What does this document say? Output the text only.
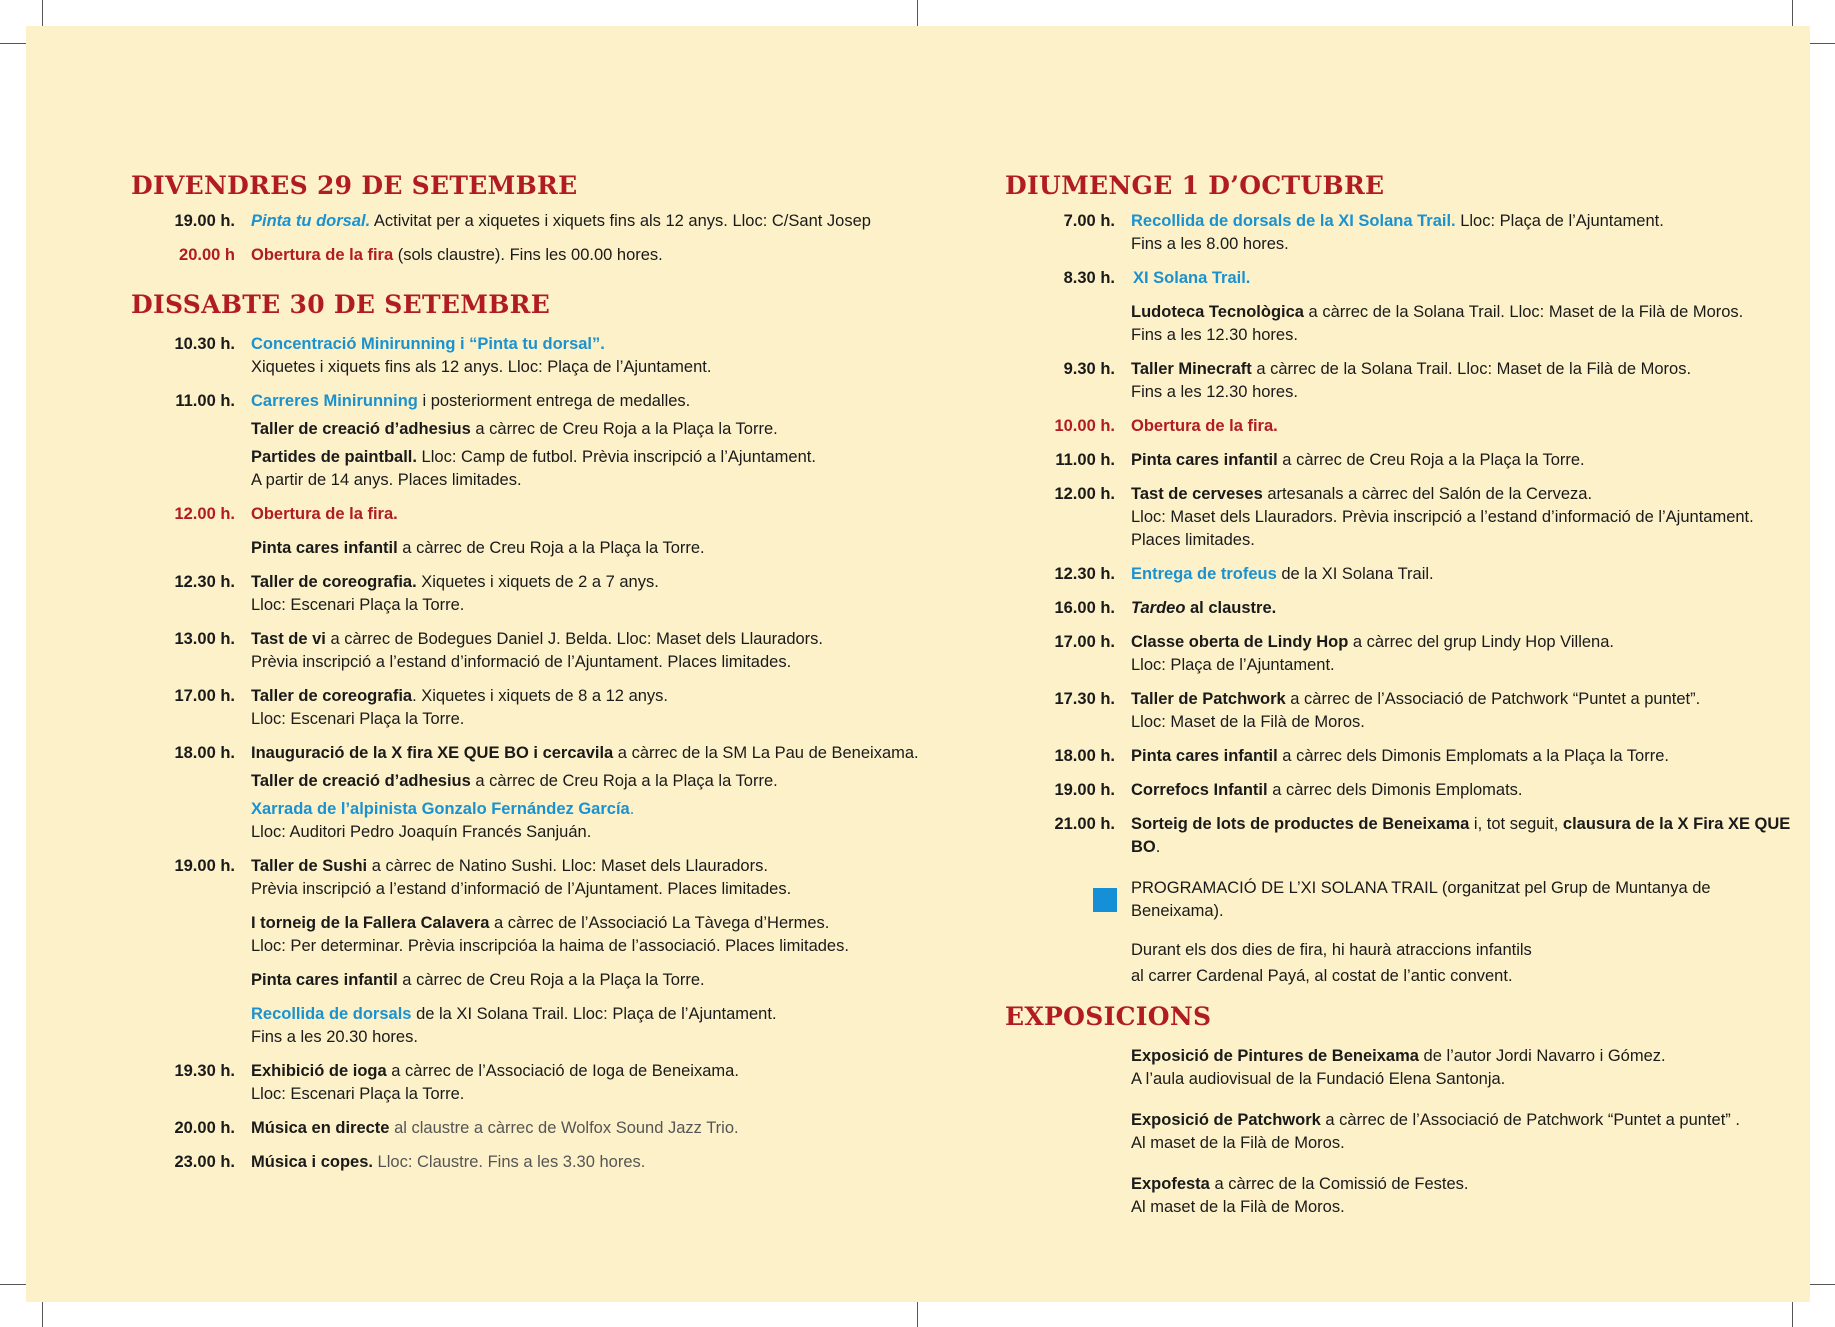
DIVENDRES 29 DE SETEMBRE
19.00 h. Pinta tu dorsal. Activitat per a xiquetes i xiquets fins als 12 anys. Lloc: C/Sant Josep
20.00 h Obertura de la fira (sols claustre). Fins les 00.00 hores.
DISSABTE 30 DE SETEMBRE
10.30 h. Concentració Minirunning i “Pinta tu dorsal”.
Xiquetes i xiquets fins als 12 anys. Lloc: Plaça de l’Ajuntament.
11.00 h. Carreres Minirunning i posteriorment entrega de medalles.
Taller de creació d’adhesius a càrrec de Creu Roja a la Plaça la Torre.
Partides de paintball. Lloc: Camp de futbol. Prèvia inscripció a l’Ajuntament.
A partir de 14 anys. Places limitades.
12.00 h. Obertura de la fira.
Pinta cares infantil a càrrec de Creu Roja a la Plaça la Torre.
12.30 h. Taller de coreografia. Xiquetes i xiquets de 2 a 7 anys.
Lloc: Escenari Plaça la Torre.
13.00 h. Tast de vi a càrrec de Bodegues Daniel J. Belda. Lloc: Maset dels Llauradors.
Prèvia inscripció a l’estand d’informació de l’Ajuntament. Places limitades.
17.00 h. Taller de coreografia. Xiquetes i xiquets de 8 a 12 anys.
Lloc: Escenari Plaça la Torre.
18.00 h. Inauguració de la X fira XE QUE BO i cercavila a càrrec de la SM La Pau de Beneixama.
Taller de creació d’adhesius a càrrec de Creu Roja a la Plaça la Torre.
Xarrada de l’alpinista Gonzalo Fernández García.
Lloc: Auditori Pedro Joaquín Francés Sanjuán.
19.00 h. Taller de Sushi a càrrec de Natino Sushi. Lloc: Maset dels Llauradors.
Prèvia inscripció a l’estand d’informació de l’Ajuntament. Places limitades.
I torneig de la Fallera Calavera a càrrec de l’Associació La Tàvega d’Hermes.
Lloc: Per determinar. Prèvia inscripcióa la haima de l’associació. Places limitades.
Pinta cares infantil a càrrec de Creu Roja a la Plaça la Torre.
Recollida de dorsals de la XI Solana Trail. Lloc: Plaça de l’Ajuntament.
Fins a les 20.30 hores.
19.30 h. Exhibició de ioga a càrrec de l’Associació de Ioga de Beneixama.
Lloc: Escenari Plaça la Torre.
20.00 h. Música en directe al claustre a càrrec de Wolfox Sound Jazz Trio.
23.00 h. Música i copes. Lloc: Claustre. Fins a les 3.30 hores.
DIUMENGE 1 D’OCTUBRE
7.00 h. Recollida de dorsals de la XI Solana Trail. Lloc: Plaça de l’Ajuntament.
Fins a les 8.00 hores.
8.30 h.	XI Solana Trail.
Ludoteca Tecnològica a càrrec de la Solana Trail. Lloc: Maset de la Filà de Moros.
Fins a les 12.30 hores.
9.30 h. Taller Minecraft a càrrec de la Solana Trail. Lloc: Maset de la Filà de Moros.
Fins a les 12.30 hores.
10.00 h. Obertura de la fira.
11.00 h. Pinta cares infantil a càrrec de Creu Roja a la Plaça la Torre.
12.00 h. Tast de cerveses artesanals a càrrec del Salón de la Cerveza.
Lloc: Maset dels Llauradors. Prèvia inscripció a l’estand d’informació de l’Ajuntament.
Places limitades.
12.30 h. Entrega de trofeus de la XI Solana Trail.
16.00 h. Tardeo al claustre.
17.00 h. Classe oberta de Lindy Hop a càrrec del grup Lindy Hop Villena.
Lloc: Plaça de l’Ajuntament.
17.30 h. Taller de Patchwork a càrrec de l’Associació de Patchwork “Puntet a puntet”.
Lloc: Maset de la Filà de Moros.
18.00 h. Pinta cares infantil a càrrec dels Dimonis Emplomats a la Plaça la Torre.
19.00 h. Correfocs Infantil a càrrec dels Dimonis Emplomats.
21.00 h. Sorteig de lots de productes de Beneixama i, tot seguit, clausura de la X Fira XE QUE BO.
PROGRAMACIÓ DE L’XI SOLANA TRAIL (organitzat pel Grup de Muntanya de Beneixama).
Durant els dos dies de fira, hi haurà atraccions infantils
al carrer Cardenal Payá, al costat de l’antic convent.
EXPOSICIONS
Exposició de Pintures de Beneixama de l’autor Jordi Navarro i Gómez.
A l’aula audiovisual de la Fundació Elena Santonja.
Exposició de Patchwork a càrrec de l’Associació de Patchwork “Puntet a puntet” .
Al maset de la Filà de Moros.
Expofesta a càrrec de la Comissió de Festes.
Al maset de la Filà de Moros.
